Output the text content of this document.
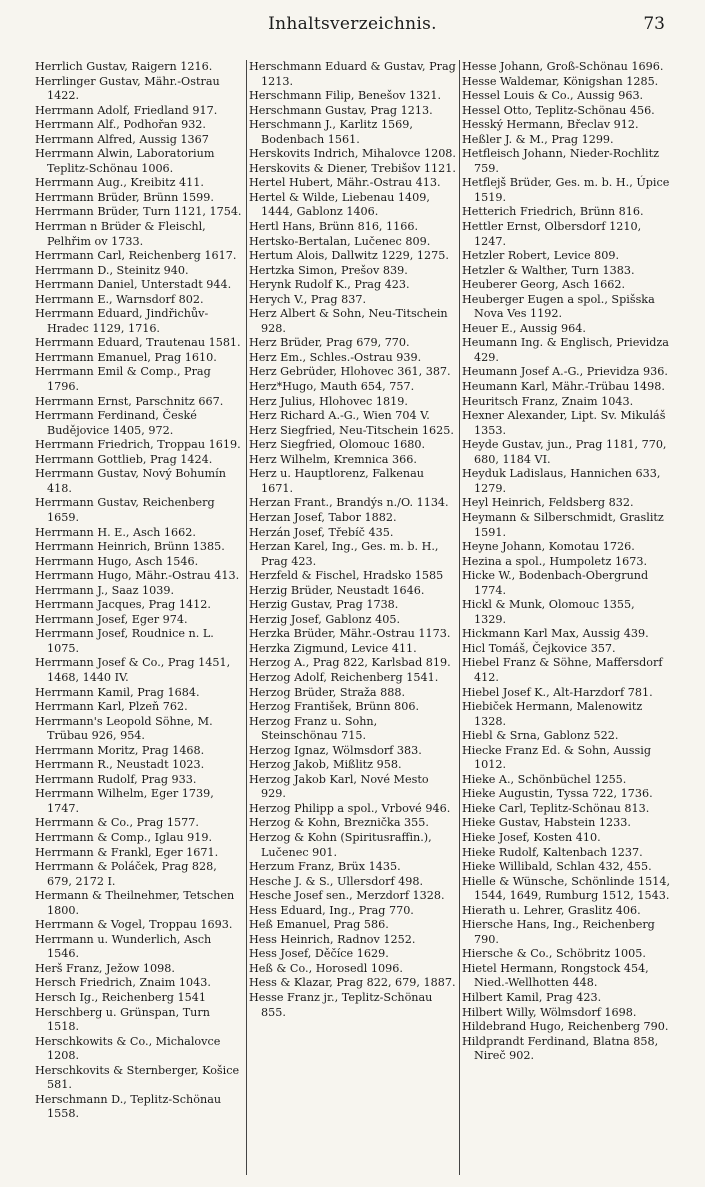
Inhaltsverzeichnis.	73

Herrlich Gustav, Raigern 1216.

Herrlinger Gustav, Mähr.-Ostrau 1422.

Herrmann Adolf, Friedland 917.

Herrmann Alf., Podhořan 932.

Herrmann Alfred, Aussig 1367

Herrmann Alwin, Laboratorium Teplitz-Schönau 1006.

Herrmann Aug., Kreibitz 411.

Herrmann Brüder, Brünn 1599.

Herrmann Brüder, Turn 1121, 1754.

Herrman n Brüder & Fleischl, Pelhřim ov 1733.

Herrmann Carl, Reichenberg 1617.

Herrmann D., Steinitz 940.

Herrmann Daniel, Unterstadt 944.

Herrmann E., Warnsdorf 802.

Herrmann Eduard, Jindřichův-Hradec 1129, 1716.

Herrmann Eduard, Trautenau 1581.

Herrmann Emanuel, Prag 1610.

Herrmann Emil & Comp., Prag 1796.

Herrmann Ernst, Parschnitz 667.

Herrmann Ferdinand, České Budějovice 1405, 972.

Herrmann Friedrich, Troppau 1619.

Herrmann Gottlieb, Prag 1424.

Herrmann Gustav, Nový Bohumín 418.

Herrmann Gustav, Reichenberg 1659.

Herrmann H. E., Asch 1662.

Herrmann Heinrich, Brünn 1385.

Herrmann Hugo, Asch 1546.

Herrmann Hugo, Mähr.-Ostrau 413.

Herrmann J., Saaz 1039.

Herrmann Jacques, Prag 1412.

Herrmann Josef, Eger 974.

Herrmann Josef, Roudnice n. L. 1075.

Herrmann Josef & Co., Prag 1451, 1468, 1440 IV.

Herrmann Kamil, Prag 1684.

Herrmann Karl, Plzeň 762.

Herrmann's Leopold Söhne, M. Trübau 926, 954.

Herrmann Moritz, Prag 1468.

Herrmann R., Neustadt 1023.

Herrmann Rudolf, Prag 933.

Herrmann Wilhelm, Eger 1739, 1747.

Herrmann & Co., Prag 1577.

Herrmann & Comp., Iglau 919.

Herrmann & Frankl, Eger 1671.

Herrmann & Poláček, Prag 828, 679, 2172 I.

Hermann & Theilnehmer, Tetschen 1800.

Herrmann & Vogel, Troppau 1693.

Herrmann u. Wunderlich, Asch 1546.

Herš Franz, Ježow 1098.

Hersch Friedrich, Znaim 1043.

Hersch Ig., Reichenberg 1541

Herschberg u. Grünspan, Turn 1518.

Herschkowits & Co., Michalovce 1208.

Herschkovits & Sternberger, Košice 581.

Herschmann D., Teplitz-Schönau 1558.

Herschmann Eduard & Gustav, Prag 1213.

Herschmann Filip, Benešov 1321.

Herschmann Gustav, Prag 1213.

Herschmann J., Karlitz 1569, Bodenbach 1561.

Herskovits Indrich, Mihalovce 1208.

Herskovits & Diener, Trebišov 1121.

Hertel Hubert, Mähr.-Ostrau 413.

Hertel & Wilde, Liebenau 1409, 1444, Gablonz 1406.

Hertl Hans, Brünn 816, 1166.

Hertsko-Bertalan, Lučenec 809.

Hertum Alois, Dallwitz 1229, 1275.

Hertzka Simon, Prešov 839.

Herynk Rudolf K., Prag 423.

Herych V., Prag 837.

Herz Albert & Sohn, Neu-Titschein 928.

Herz Brüder, Prag 679, 770.

Herz Em., Schles.-Ostrau 939.

Herz Gebrüder, Hlohovec 361, 387.

Herz*Hugo, Mauth 654, 757.

Herz Julius, Hlohovec 1819.

Herz Richard A.-G., Wien 704 V.

Herz Siegfried, Neu-Titschein 1625.

Herz Siegfried, Olomouc 1680.

Herz Wilhelm, Kremnica 366.

Herz u. Hauptlorenz, Falkenau 1671.

Herzan Frant., Brandýs n./O. 1134.

Herzan Josef, Tabor 1882.

Herzán Josef, Třebíč 435.

Herzan Karel, Ing., Ges. m. b. H., Prag 423.

Herzfeld & Fischel, Hradsko 1585

Herzig Brüder, Neustadt 1646.

Herzig Gustav, Prag 1738.

Herzig Josef, Gablonz 405.

Herzka Brüder, Mähr.-Ostrau 1173.

Herzka Zigmund, Levice 411.

Herzog A., Prag 822, Karlsbad 819.

Herzog Adolf, Reichenberg 1541.

Herzog Brüder, Straža 888.

Herzog František, Brünn 806.

Herzog Franz u. Sohn, Steinschönau 715.

Herzog Ignaz, Wölmsdorf 383.

Herzog Jakob, Mißlitz 958.

Herzog Jakob Karl, Nové Mesto 929.

Herzog Philipp a spol., Vrbové 946.

Herzog & Kohn, Breznička 355.

Herzog & Kohn (Spiritusraffin.), Lučenec 901.

Herzum Franz, Brüx 1435.

Hesche J. & S., Ullersdorf 498.

Hesche Josef sen., Merzdorf 1328.

Hess Eduard, Ing., Prag 770.

Heß Emanuel, Prag 586.

Hess Heinrich, Radnov 1252.

Hess Josef, Děčíce 1629.

Heß & Co., Horosedl 1096.

Hess & Klazar, Prag 822, 679, 1887.

Hesse Franz jr., Teplitz-Schönau 855.

Hesse Johann, Groß-Schönau 1696.

Hesse Waldemar, Königshan 1285.

Hessel Louis & Co., Aussig 963.

Hessel Otto, Teplitz-Schönau 456.

Hesský Hermann, Břeclav 912.

Heßler J. & M., Prag 1299.

Hetfleisch Johann, Nieder-Rochlitz 759.

Hetflejš Brüder, Ges. m. b. H., Úpice 1519.

Hetterich Friedrich, Brünn 816.

Hettler Ernst, Olbersdorf 1210, 1247.

Hetzler Robert, Levice 809.

Hetzler & Walther, Turn 1383.

Heuberer Georg, Asch 1662.

Heuberger Eugen a spol., Spišska Nova Ves 1192.

Heuer E., Aussig 964.

Heumann Ing. & Englisch, Prievidza 429.

Heumann Josef A.-G., Prievidza 936.

Heumann Karl, Mähr.-Trübau 1498.

Heuritsch Franz, Znaim 1043.

Hexner Alexander, Lipt. Sv. Mikuláš 1353.

Heyde Gustav, jun., Prag 1181, 770, 680, 1184 VI.

Heyduk Ladislaus, Hannichen 633, 1279.

Heyl Heinrich, Feldsberg 832.

Heymann & Silberschmidt, Graslitz 1591.

Heyne Johann, Komotau 1726.

Hezina a spol., Humpoletz 1673.

Hicke W., Bodenbach-Obergrund 1774.

Hickl & Munk, Olomouc 1355, 1329.

Hickmann Karl Max, Aussig 439.

Hicl Tomáš, Čejkovice 357.

Hiebel Franz & Söhne, Maffersdorf 412.

Hiebel Josef K., Alt-Harzdorf 781.

Hiebiček Hermann, Malenowitz 1328.

Hiebl & Srna, Gablonz 522.

Hiecke Franz Ed. & Sohn, Aussig 1012.

Hieke A., Schönbüchel 1255.

Hieke Augustin, Tyssa 722, 1736.

Hieke Carl, Teplitz-Schönau 813.

Hieke Gustav, Habstein 1233.

Hieke Josef, Kosten 410.

Hieke Rudolf, Kaltenbach 1237.

Hieke Willibald, Schlan 432, 455.

Hielle & Wünsche, Schönlinde 1514, 1544, 1649, Rumburg 1512, 1543.

Hierath u. Lehrer, Graslitz 406.

Hiersche Hans, Ing., Reichenberg 790.

Hiersche & Co., Schöbritz 1005.

Hietel Hermann, Rongstock 454, Nied.-Wellhotten 448.

Hilbert Kamil, Prag 423.

Hilbert Willy, Wölmsdorf 1698.

Hildebrand Hugo, Reichenberg 790.

Hildprandt Ferdinand, Blatna 858, Nireč 902.
